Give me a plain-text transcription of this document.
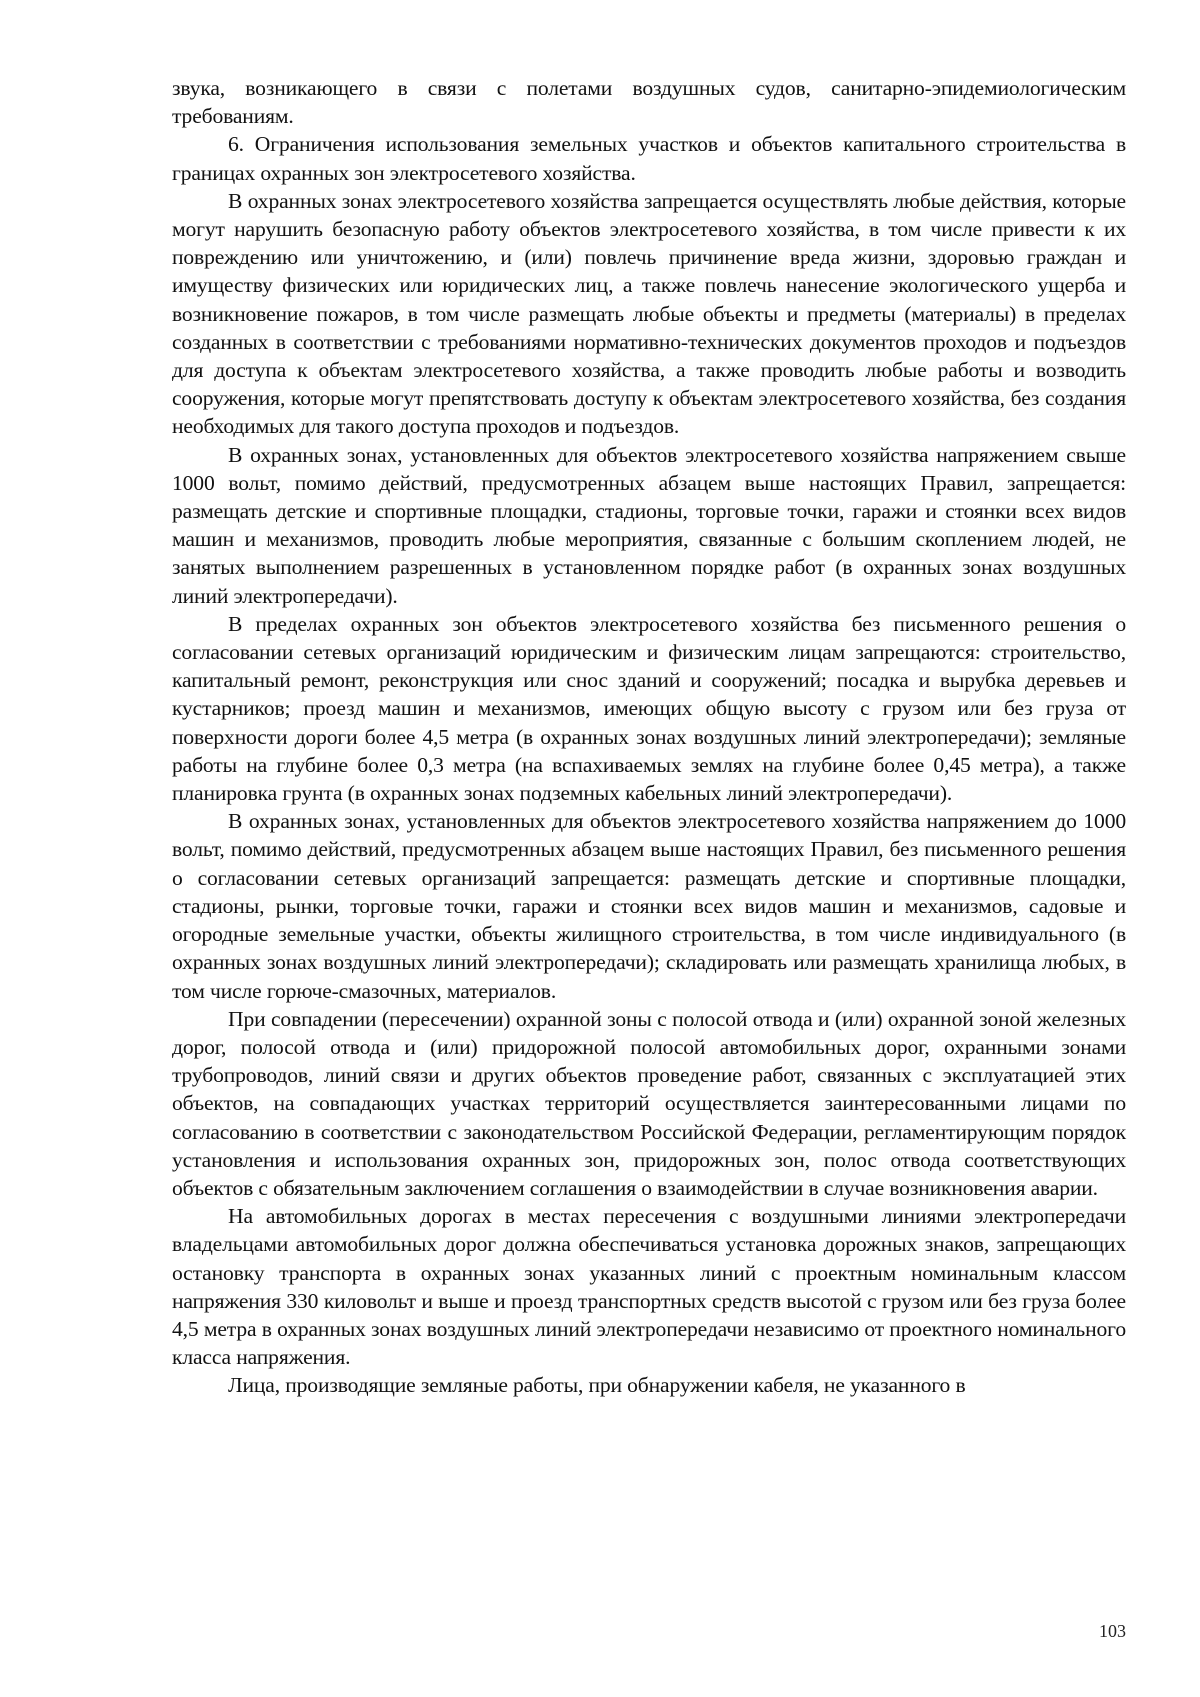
звука, возникающего в связи с полетами воздушных судов, санитарно-эпидемиологическим требованиям.

6. Ограничения использования земельных участков и объектов капитального строительства в границах охранных зон электросетевого хозяйства.

В охранных зонах электросетевого хозяйства запрещается осуществлять любые действия, которые могут нарушить безопасную работу объектов электросетевого хозяйства, в том числе привести к их повреждению или уничтожению, и (или) повлечь причинение вреда жизни, здоровью граждан и имуществу физических или юридических лиц, а также повлечь нанесение экологического ущерба и возникновение пожаров, в том числе размещать любые объекты и предметы (материалы) в пределах созданных в соответствии с требованиями нормативно-технических документов проходов и подъездов для доступа к объектам электросетевого хозяйства, а также проводить любые работы и возводить сооружения, которые могут препятствовать доступу к объектам электросетевого хозяйства, без создания необходимых для такого доступа проходов и подъездов.

В охранных зонах, установленных для объектов электросетевого хозяйства напряжением свыше 1000 вольт, помимо действий, предусмотренных абзацем выше настоящих Правил, запрещается: размещать детские и спортивные площадки, стадионы, торговые точки, гаражи и стоянки всех видов машин и механизмов, проводить любые мероприятия, связанные с большим скоплением людей, не занятых выполнением разрешенных в установленном порядке работ (в охранных зонах воздушных линий электропередачи).

В пределах охранных зон объектов электросетевого хозяйства без письменного решения о согласовании сетевых организаций юридическим и физическим лицам запрещаются: строительство, капитальный ремонт, реконструкция или снос зданий и сооружений; посадка и вырубка деревьев и кустарников; проезд машин и механизмов, имеющих общую высоту с грузом или без груза от поверхности дороги более 4,5 метра (в охранных зонах воздушных линий электропередачи); земляные работы на глубине более 0,3 метра (на вспахиваемых землях на глубине более 0,45 метра), а также планировка грунта (в охранных зонах подземных кабельных линий электропередачи).

В охранных зонах, установленных для объектов электросетевого хозяйства напряжением до 1000 вольт, помимо действий, предусмотренных абзацем выше настоящих Правил, без письменного решения о согласовании сетевых организаций запрещается: размещать детские и спортивные площадки, стадионы, рынки, торговые точки, гаражи и стоянки всех видов машин и механизмов, садовые и огородные земельные участки, объекты жилищного строительства, в том числе индивидуального (в охранных зонах воздушных линий электропередачи); складировать или размещать хранилища любых, в том числе горюче-смазочных, материалов.

При совпадении (пересечении) охранной зоны с полосой отвода и (или) охранной зоной железных дорог, полосой отвода и (или) придорожной полосой автомобильных дорог, охранными зонами трубопроводов, линий связи и других объектов проведение работ, связанных с эксплуатацией этих объектов, на совпадающих участках территорий осуществляется заинтересованными лицами по согласованию в соответствии с законодательством Российской Федерации, регламентирующим порядок установления и использования охранных зон, придорожных зон, полос отвода соответствующих объектов с обязательным заключением соглашения о взаимодействии в случае возникновения аварии.

На автомобильных дорогах в местах пересечения с воздушными линиями электропередачи владельцами автомобильных дорог должна обеспечиваться установка дорожных знаков, запрещающих остановку транспорта в охранных зонах указанных линий с проектным номинальным классом напряжения 330 киловольт и выше и проезд транспортных средств высотой с грузом или без груза более 4,5 метра в охранных зонах воздушных линий электропередачи независимо от проектного номинального класса напряжения.

Лица, производящие земляные работы, при обнаружении кабеля, не указанного в

103
